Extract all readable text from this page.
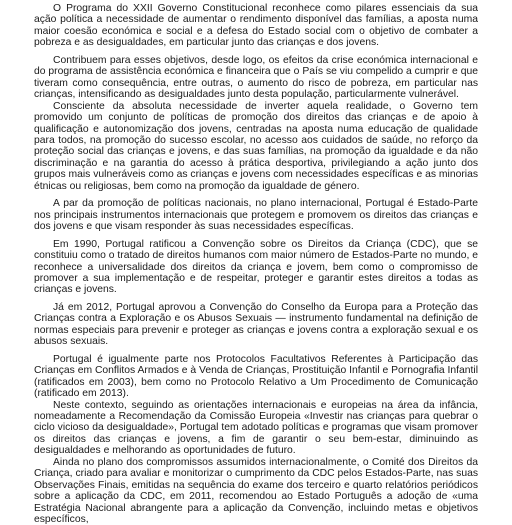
O Programa do XXII Governo Constitucional reconhece como pilares essenciais da sua ação política a necessidade de aumentar o rendimento disponível das famílias, a aposta numa maior coesão económica e social e a defesa do Estado social com o objetivo de combater a pobreza e as desigualdades, em particular junto das crianças e dos jovens.

Contribuem para esses objetivos, desde logo, os efeitos da crise económica internacional e do programa de assistência económica e financeira que o País se viu compelido a cumprir e que tiveram como consequência, entre outras, o aumento do risco de pobreza, em particular nas crianças, intensificando as desigualdades junto desta população, particularmente vulnerável.

Consciente da absoluta necessidade de inverter aquela realidade, o Governo tem promovido um conjunto de políticas de promoção dos direitos das crianças e de apoio à qualificação e autonomização dos jovens, centradas na aposta numa educação de qualidade para todos, na promoção do sucesso escolar, no acesso aos cuidados de saúde, no reforço da proteção social das crianças e jovens, e das suas famílias, na promoção da igualdade e da não discriminação e na garantia do acesso à prática desportiva, privilegiando a ação junto dos grupos mais vulneráveis como as crianças e jovens com necessidades específicas e as minorias étnicas ou religiosas, bem como na promoção da igualdade de género.

A par da promoção de políticas nacionais, no plano internacional, Portugal é Estado-Parte nos principais instrumentos internacionais que protegem e promovem os direitos das crianças e dos jovens e que visam responder às suas necessidades específicas.

Em 1990, Portugal ratificou a Convenção sobre os Direitos da Criança (CDC), que se constituiu como o tratado de direitos humanos com maior número de Estados-Parte no mundo, e reconhece a universalidade dos direitos da criança e jovem, bem como o compromisso de promover a sua implementação e de respeitar, proteger e garantir estes direitos a todas as crianças e jovens.

Já em 2012, Portugal aprovou a Convenção do Conselho da Europa para a Proteção das Crianças contra a Exploração e os Abusos Sexuais — instrumento fundamental na definição de normas especiais para prevenir e proteger as crianças e jovens contra a exploração sexual e os abusos sexuais.

Portugal é igualmente parte nos Protocolos Facultativos Referentes à Participação das Crianças em Conflitos Armados e à Venda de Crianças, Prostituição Infantil e Pornografia Infantil (ratificados em 2003), bem como no Protocolo Relativo a Um Procedimento de Comunicação (ratificado em 2013).

Neste contexto, seguindo as orientações internacionais e europeias na área da infância, nomeadamente a Recomendação da Comissão Europeia «Investir nas crianças para quebrar o ciclo vicioso da desigualdade», Portugal tem adotado políticas e programas que visam promover os direitos das crianças e jovens, a fim de garantir o seu bem-estar, diminuindo as desigualdades e melhorando as oportunidades de futuro.

Ainda no plano dos compromissos assumidos internacionalmente, o Comité dos Direitos da Criança, criado para avaliar e monitorizar o cumprimento da CDC pelos Estados-Parte, nas suas Observações Finais, emitidas na sequência do exame dos terceiro e quarto relatórios periódicos sobre a aplicação da CDC, em 2011, recomendou ao Estado Português a adoção de «uma Estratégia Nacional abrangente para a aplicação da Convenção, incluindo metas e objetivos específicos,
